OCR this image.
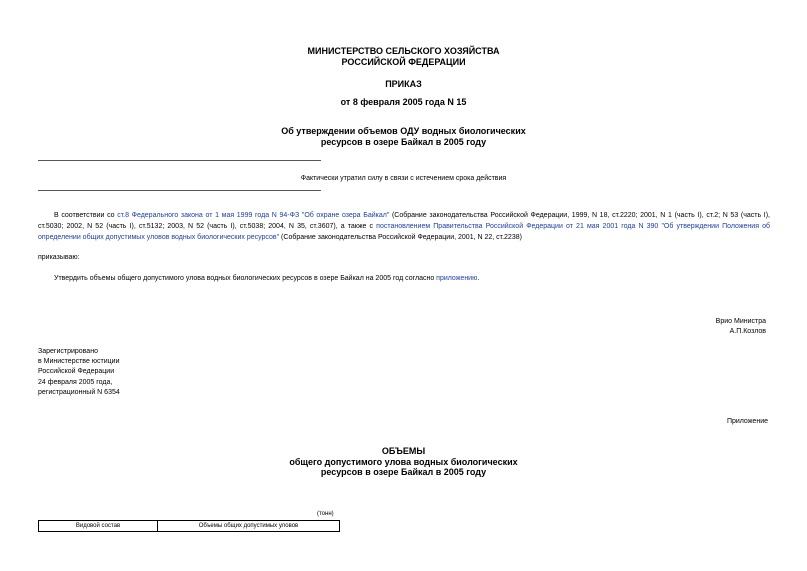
МИНИСТЕРСТВО СЕЛЬСКОГО ХОЗЯЙСТВА
РОССИЙСКОЙ ФЕДЕРАЦИИ
ПРИКАЗ
от 8 февраля 2005 года N 15
Об утверждении объемов ОДУ водных биологических
ресурсов в озере Байкал в 2005 году
Фактически утратил силу в связи с истечением срока действия
В соответствии со ст.8 Федерального закона от 1 мая 1999 года N 94-ФЗ "Об охране озера Байкал" (Собрание законодательства Российской Федерации, 1999, N 18, ст.2220; 2001, N 1 (часть I), ст.2; N 53 (часть I), ст.5030; 2002, N 52 (часть I), ст.5132; 2003, N 52 (часть I), ст.5038; 2004, N 35, ст.3607), а также с постановлением Правительства Российской Федерации от 21 мая 2001 года N 390 "Об утверждении Положения об определении общих допустимых уловов водных биологических ресурсов" (Собрание законодательства Российской Федерации, 2001, N 22, ст.2238)
приказываю:
Утвердить объемы общего допустимого улова водных биологических ресурсов в озере Байкал на 2005 год согласно приложению.
Врио Министра
А.П.Козлов
Зарегистрировано
в Министерстве юстиции
Российской Федерации
24 февраля 2005 года,
регистрационный N 6354
Приложение
ОБЪЕМЫ
общего допустимого улова водных биологических
ресурсов в озере Байкал в 2005 году
(тонн)
Видовой состав	Объемы общих допустимых уловов
